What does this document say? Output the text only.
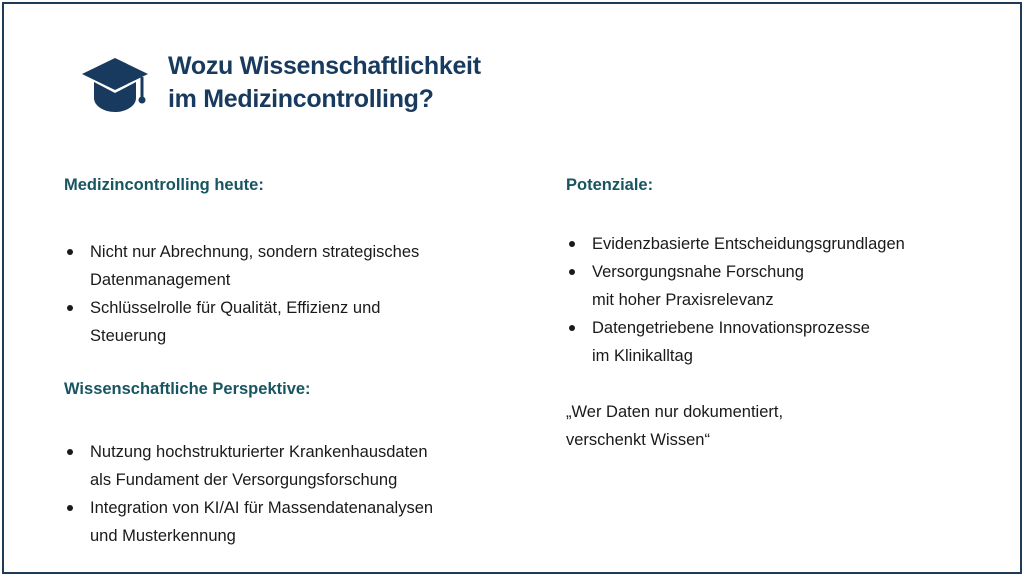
Wozu Wissenschaftlichkeit
im Medizincontrolling?
Medizincontrolling heute:
Nicht nur Abrechnung, sondern strategisches
Datenmanagement
Schlüsselrolle für Qualität, Effizienz und
Steuerung
Wissenschaftliche Perspektive:
Nutzung hochstrukturierter Krankenhausdaten
als Fundament der Versorgungsforschung
Integration von KI/AI für Massendatenanalysen
und Musterkennung
Potenziale:
Evidenzbasierte Entscheidungsgrundlagen
Versorgungsnahe Forschung
mit hoher Praxisrelevanz
Datengetriebene Innovationsprozesse
im Klinikalltag
„Wer Daten nur dokumentiert,
verschenkt Wissen“
